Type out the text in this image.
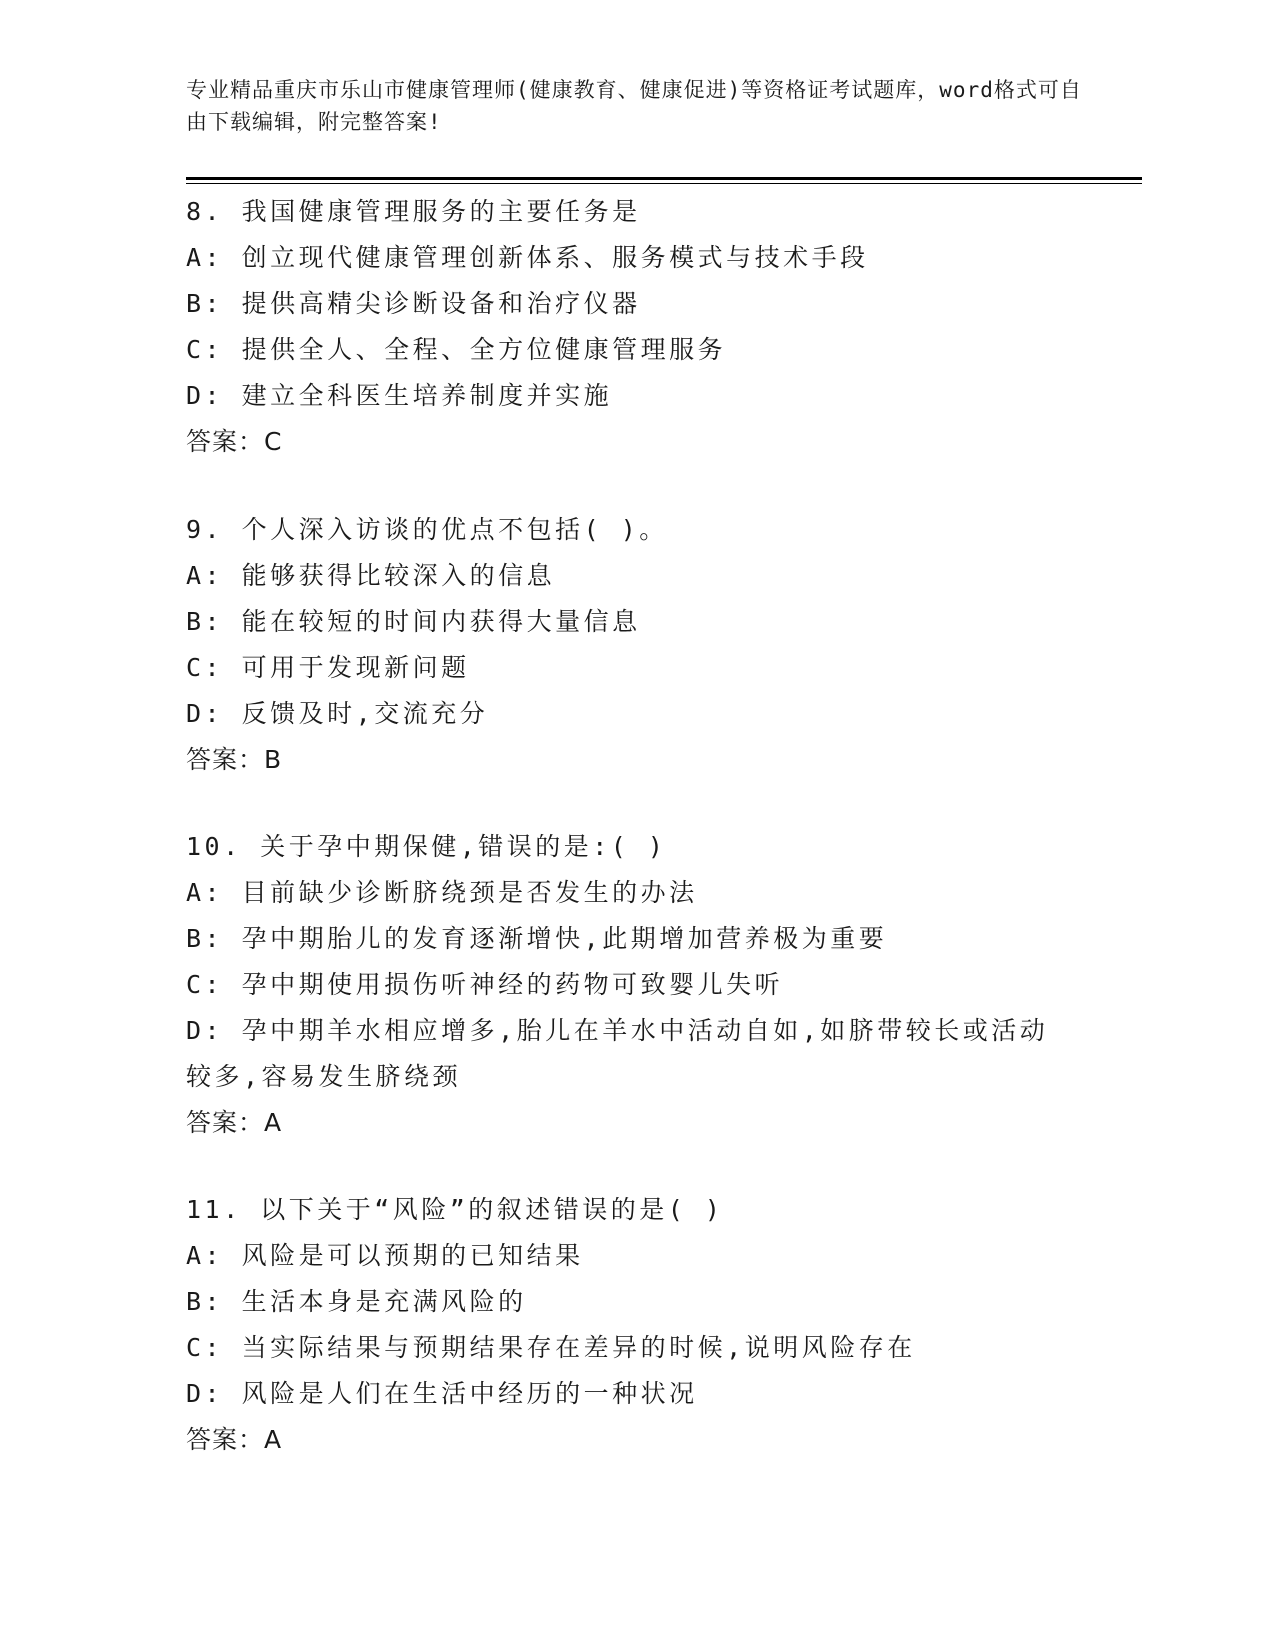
专业精品重庆市乐山市健康管理师(健康教育、健康促进)等资格证考试题库，word格式可自由下载编辑，附完整答案!
8. 我国健康管理服务的主要任务是
A: 创立现代健康管理创新体系、服务模式与技术手段
B: 提供高精尖诊断设备和治疗仪器
C: 提供全人、全程、全方位健康管理服务
D: 建立全科医生培养制度并实施
答案：C
9. 个人深入访谈的优点不包括( )。
A: 能够获得比较深入的信息
B: 能在较短的时间内获得大量信息
C: 可用于发现新问题
D: 反馈及时,交流充分
答案：B
10. 关于孕中期保健,错误的是:( )
A: 目前缺少诊断脐绕颈是否发生的办法
B: 孕中期胎儿的发育逐渐增快,此期增加营养极为重要
C: 孕中期使用损伤听神经的药物可致婴儿失听
D: 孕中期羊水相应增多,胎儿在羊水中活动自如,如脐带较长或活动较多,容易发生脐绕颈
答案：A
11. 以下关于“风险”的叙述错误的是( )
A: 风险是可以预期的已知结果
B: 生活本身是充满风险的
C: 当实际结果与预期结果存在差异的时候,说明风险存在
D: 风险是人们在生活中经历的一种状况
答案：A
